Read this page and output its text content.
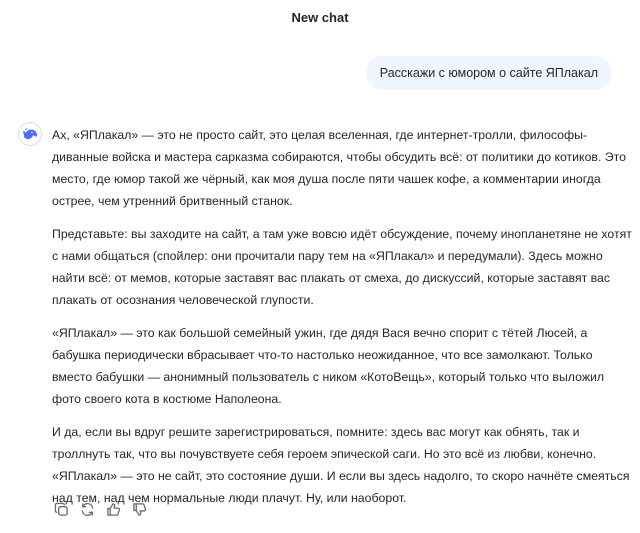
New chat
Расскажи с юмором о сайте ЯПлакал

Ах, «ЯПлакал» — это не просто сайт, это целая вселенная, где интернет-тролли, философы-диванные войска и мастера сарказма собираются, чтобы обсудить всё: от политики до котиков. Это место, где юмор такой же чёрный, как моя душа после пяти чашек кофе, а комментарии иногда острее, чем утренний бритвенный станок.

Представьте: вы заходите на сайт, а там уже вовсю идёт обсуждение, почему инопланетяне не хотят с нами общаться (спойлер: они прочитали пару тем на «ЯПлакал» и передумали). Здесь можно найти всё: от мемов, которые заставят вас плакать от смеха, до дискуссий, которые заставят вас плакать от осознания человеческой глупости.

«ЯПлакал» — это как большой семейный ужин, где дядя Вася вечно спорит с тётей Люсей, а бабушка периодически вбрасывает что-то настолько неожиданное, что все замолкают. Только вместо бабушки — анонимный пользователь с ником «КотоВещь», который только что выложил фото своего кота в костюме Наполеона.

И да, если вы вдруг решите зарегистрироваться, помните: здесь вас могут как обнять, так и троллнуть так, что вы почувствуете себя героем эпической саги. Но это всё из любви, конечно. «ЯПлакал» — это не сайт, это состояние души. И если вы здесь надолго, то скоро начнёте смеяться над тем, над чем нормальные люди плачут. Ну, или наоборот.
